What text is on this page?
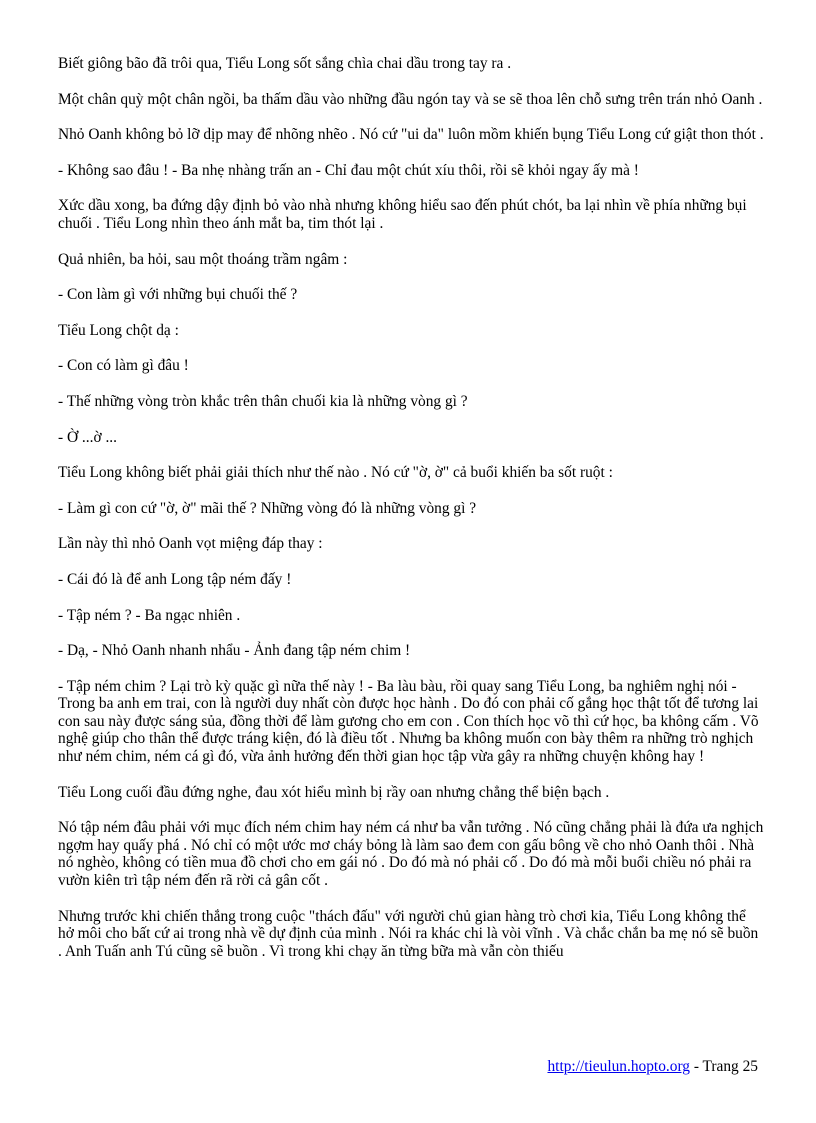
Biết giông bão đã trôi qua, Tiểu Long sốt sắng chìa chai dầu trong tay ra .

Một chân quỳ một chân ngồi, ba thấm dầu vào những đầu ngón tay và se sẽ thoa lên chỗ sưng trên trán nhỏ Oanh .

Nhỏ Oanh không bỏ lỡ dịp may để nhõng nhẽo . Nó cứ "ui da" luôn mồm khiến bụng Tiểu Long cứ giật thon thót .

- Không sao đâu ! - Ba nhẹ nhàng trấn an - Chỉ đau một chút xíu thôi, rồi sẽ khỏi ngay ấy mà !

Xức dầu xong, ba đứng dậy định bỏ vào nhà nhưng không hiểu sao đến phút chót, ba lại nhìn về phía những bụi chuối . Tiểu Long nhìn theo ánh mắt ba, tim thót lại .

Quả nhiên, ba hỏi, sau một thoáng trầm ngâm :

- Con làm gì với những bụi chuối thế ?

Tiểu Long chột dạ :

- Con có làm gì đâu !

- Thế những vòng tròn khắc trên thân chuối kia là những vòng gì ?

- Ờ ...ờ ...

Tiểu Long không biết phải giải thích như thế nào . Nó cứ "ờ, ờ" cả buổi khiến ba sốt ruột :

- Làm gì con cứ "ờ, ờ" mãi thế ? Những vòng đó là những vòng gì ?

Lần này thì nhỏ Oanh vọt miệng đáp thay :

- Cái đó là để anh Long tập ném đấy !

- Tập ném ? - Ba ngạc nhiên .

- Dạ, - Nhỏ Oanh nhanh nhẩu - Ảnh đang tập ném chim !

- Tập ném chim ? Lại trò kỳ quặc gì nữa thế này ! - Ba làu bàu, rồi quay sang Tiểu Long, ba nghiêm nghị nói - Trong ba anh em trai, con là người duy nhất còn được học hành . Do đó con phải cố gắng học thật tốt để tương lai con sau này được sáng sủa, đồng thời để làm gương cho em con . Con thích học võ thì cứ học, ba không cấm . Võ nghệ giúp cho thân thể được tráng kiện, đó là điều tốt . Nhưng ba không muốn con bày thêm ra những trò nghịch như ném chim, ném cá gì đó, vừa ảnh hưởng đến thời gian học tập vừa gây ra những chuyện không hay !

Tiểu Long cuối đầu đứng nghe, đau xót hiểu mình bị rầy oan nhưng chẳng thể biện bạch .

Nó tập ném đâu phải với mục đích ném chim hay ném cá như ba vẫn tưởng . Nó cũng chẳng phải là đứa ưa nghịch ngợm hay quấy phá . Nó chỉ có một ước mơ cháy bỏng là làm sao đem con gấu bông về cho nhỏ Oanh thôi . Nhà nó nghèo, không có tiền mua đồ chơi cho em gái nó . Do đó mà nó phải cố . Do đó mà mỗi buổi chiều nó phải ra vườn kiên trì tập ném đến rã rời cả gân cốt .

Nhưng trước khi chiến thắng trong cuộc "thách đấu" với người chủ gian hàng trò chơi kia, Tiểu Long không thể hở môi cho bất cứ ai trong nhà về dự định của mình . Nói ra khác chi là vòi vĩnh . Và chắc chắn ba mẹ nó sẽ buồn . Anh Tuấn anh Tú cũng sẽ buồn . Vì trong khi chạy ăn từng bữa mà vẫn còn thiếu

http://tieulun.hopto.org - Trang 25
